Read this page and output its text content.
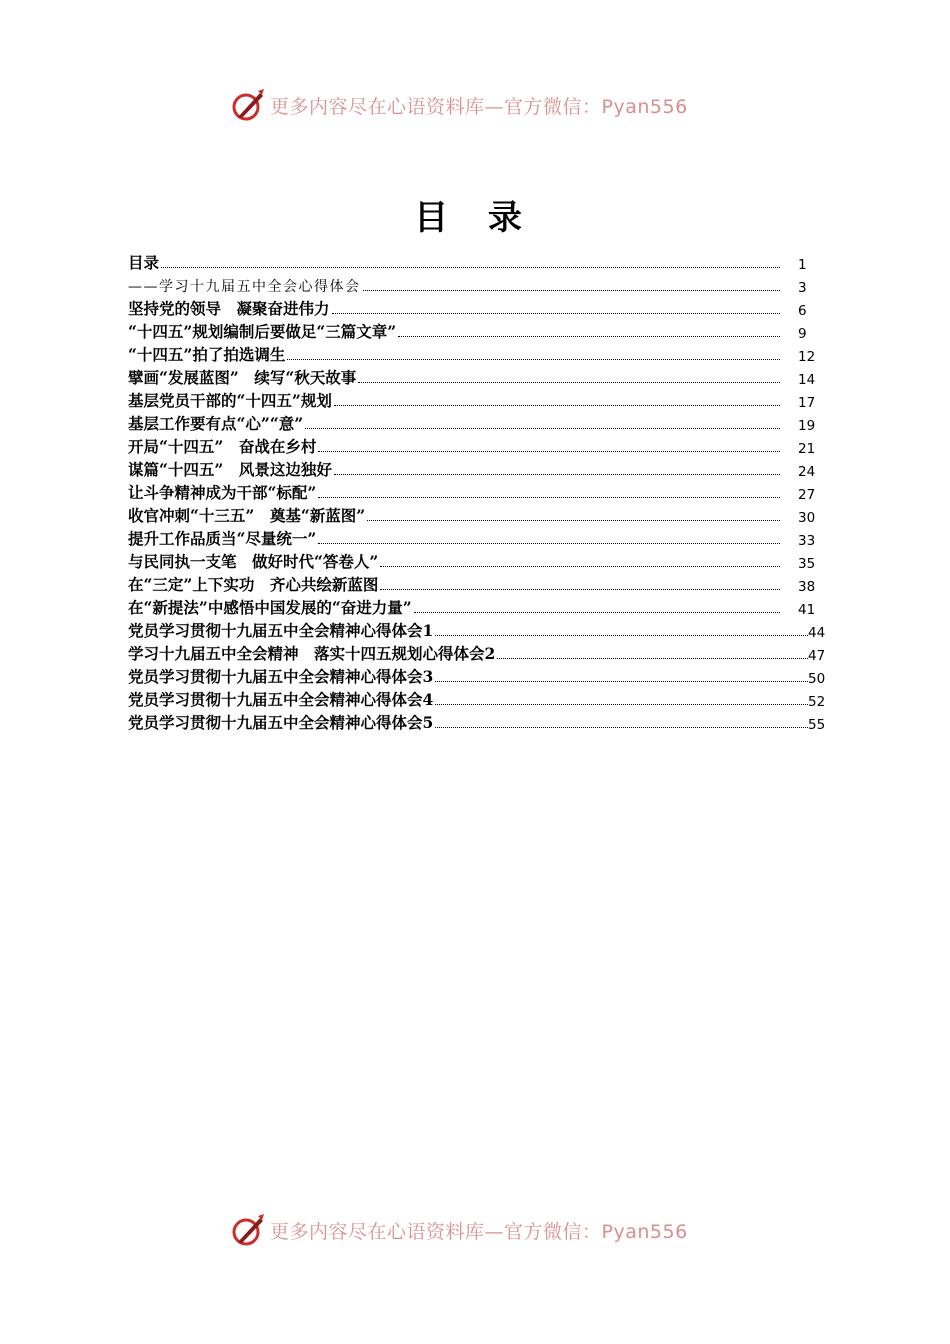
更多内容尽在心语资料库—官方微信：Pyan556
目 录
目录	1
——学习十九届五中全会心得体会	3
坚持党的领导　凝聚奋进伟力	6
“十四五”规划编制后要做足“三篇文章”	9
“十四五”拍了拍选调生	12
擘画“发展蓝图”　续写“秋天故事	14
基层党员干部的“十四五”规划	17
基层工作要有点“心”“意”	19
开局“十四五”　奋战在乡村	21
谋篇“十四五”　风景这边独好	24
让斗争精神成为干部“标配”	27
收官冲刺“十三五”　奠基“新蓝图”	30
提升工作品质当“尽量统一”	33
与民同执一支笔　做好时代“答卷人”	35
在“三定”上下实功　齐心共绘新蓝图	38
在“新提法”中感悟中国发展的“奋进力量”	41
党员学习贯彻十九届五中全会精神心得体会1	44
学习十九届五中全会精神　落实十四五规划心得体会2	47
党员学习贯彻十九届五中全会精神心得体会3	50
党员学习贯彻十九届五中全会精神心得体会4	52
党员学习贯彻十九届五中全会精神心得体会5	55
更多内容尽在心语资料库—官方微信：Pyan556
